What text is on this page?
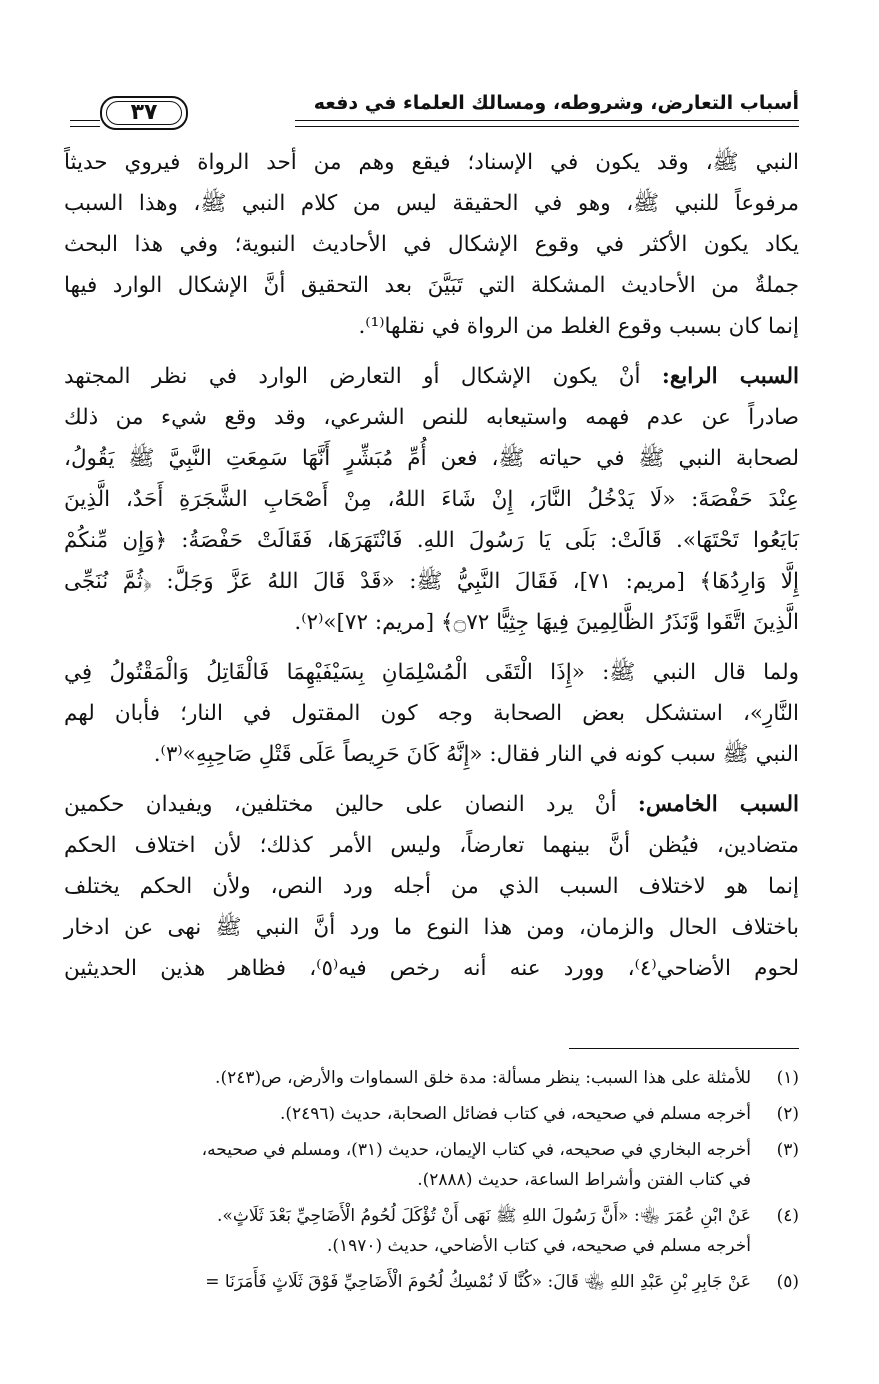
أسباب التعارض، وشروطه، ومسالك العلماء في دفعه
٣٧
النبي ﷺ، وقد يكون في الإسناد؛ فيقع وهم من أحد الرواة فيروي حديثاً
مرفوعاً للنبي ﷺ، وهو في الحقيقة ليس من كلام النبي ﷺ، وهذا السبب
يكاد يكون الأكثر في وقوع الإشكال في الأحاديث النبوية؛ وفي هذا البحث
جملةٌ من الأحاديث المشكلة التي تَبَيَّنَ بعد التحقيق أنَّ الإشكال الوارد فيها
إنما كان بسبب وقوع الغلط من الرواة في نقلها⁽¹⁾.
السبب الرابع: أنْ يكون الإشكال أو التعارض الوارد في نظر المجتهد
صادراً عن عدم فهمه واستيعابه للنص الشرعي، وقد وقع شيء من ذلك
لصحابة النبي ﷺ في حياته ﷺ، فعن أُمِّ مُبَشِّرٍ أَنَّهَا سَمِعَتِ النَّبِيَّ ﷺ يَقُولُ،
عِنْدَ حَفْصَةَ: «لَا يَدْخُلُ النَّارَ، إِنْ شَاءَ اللهُ، مِنْ أَصْحَابِ الشَّجَرَةِ أَحَدٌ، الَّذِينَ
بَايَعُوا تَحْتَهَا». قَالَتْ: بَلَى يَا رَسُولَ اللهِ. فَانْتَهَرَهَا، فَقَالَتْ حَفْصَةُ: ﴿وَإِن مِّنكُمْ
إِلَّا وَارِدُهَا﴾ [مريم: ٧١]، فَقَالَ النَّبِيُّ ﷺ: «قَدْ قَالَ اللهُ عَزَّ وَجَلَّ: ﴿ثُمَّ نُنَجِّى
الَّذِينَ اتَّقَوا وَّنَذَرُ الظَّالِمِينَ فِيهَا جِثِيًّا ۝٧٢﴾ [مريم: ٧٢]»⁽٢⁾.
ولما قال النبي ﷺ: «إِذَا الْتَقَى الْمُسْلِمَانِ بِسَيْفَيْهِمَا فَالْقَاتِلُ وَالْمَقْتُولُ فِي
النَّارِ»، استشكل بعض الصحابة وجه كون المقتول في النار؛ فأبان لهم
النبي ﷺ سبب كونه في النار فقال: «إِنَّهُ كَانَ حَرِيصاً عَلَى قَتْلِ صَاحِبِهِ»⁽٣⁾.
السبب الخامس: أنْ يرد النصان على حالين مختلفين، ويفيدان حكمين
متضادين، فيُظن أنَّ بينهما تعارضاً، وليس الأمر كذلك؛ لأن اختلاف الحكم
إنما هو لاختلاف السبب الذي من أجله ورد النص، ولأن الحكم يختلف
باختلاف الحال والزمان، ومن هذا النوع ما ورد أنَّ النبي ﷺ نهى عن ادخار
لحوم الأضاحي⁽٤⁾، وورد عنه أنه رخص فيه⁽٥⁾، فظاهر هذين الحديثين
(١)
للأمثلة على هذا السبب: ينظر مسألة: مدة خلق السماوات والأرض، ص(٢٤٣).
(٢)
أخرجه مسلم في صحيحه، في كتاب فضائل الصحابة، حديث (٢٤٩٦).
(٣)
أخرجه البخاري في صحيحه، في كتاب الإيمان، حديث (٣١)، ومسلم في صحيحه،
في كتاب الفتن وأشراط الساعة، حديث (٢٨٨٨).
(٤)
عَنْ ابْنِ عُمَرَ ﵄: «أَنَّ رَسُولَ اللهِ ﷺ نَهَى أَنْ تُؤْكَلَ لُحُومُ الْأَضَاحِيِّ بَعْدَ ثَلَاثٍ».
أخرجه مسلم في صحيحه، في كتاب الأضاحي، حديث (١٩٧٠).
(٥)
عَنْ جَابِرِ بْنِ عَبْدِ اللهِ ﵄ قَالَ: «كُنَّا لَا نُمْسِكُ لُحُومَ الْأَضَاحِيِّ فَوْقَ ثَلَاثٍ فَأَمَرَنَا =
